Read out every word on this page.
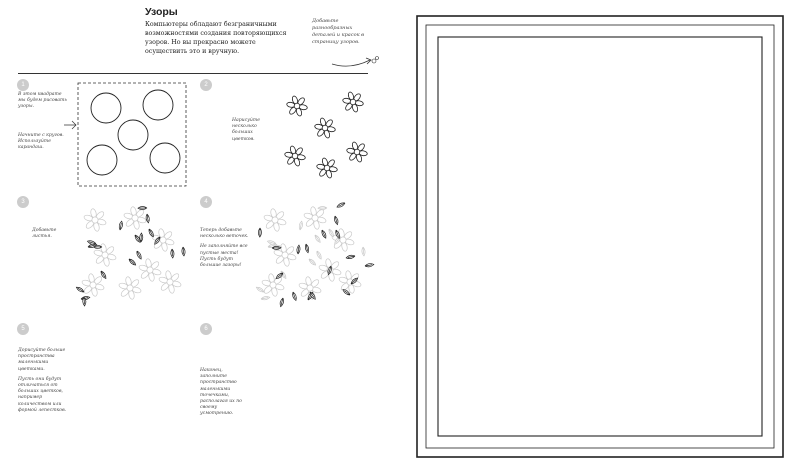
Узоры
Компьютеры обладают безграничными возможностями создания повторяющихся узоров. Но вы прекрасно можете осуществить это и вручную.
Добавьте разнообразных деталей и красок в страницу узоров.
1

В этом квадрате мы будем рисовать узоры.

Начните с кругов. Используйте карандаш.

2

Нарисуйте несколько больших цветков.

3

Добавьте листья.

4

Теперь добавьте несколько веточек.

Не заполняйте все пустые места! Пусть будут большие зазоры!

5

Дорисуйте больше пространства маленькими цветками.

Пусть они будут отличаться от больших цветков, например количеством или формой лепестков.

6

Наконец, заполните пространство маленькими точечками, располагая их по своему усмотрению.
